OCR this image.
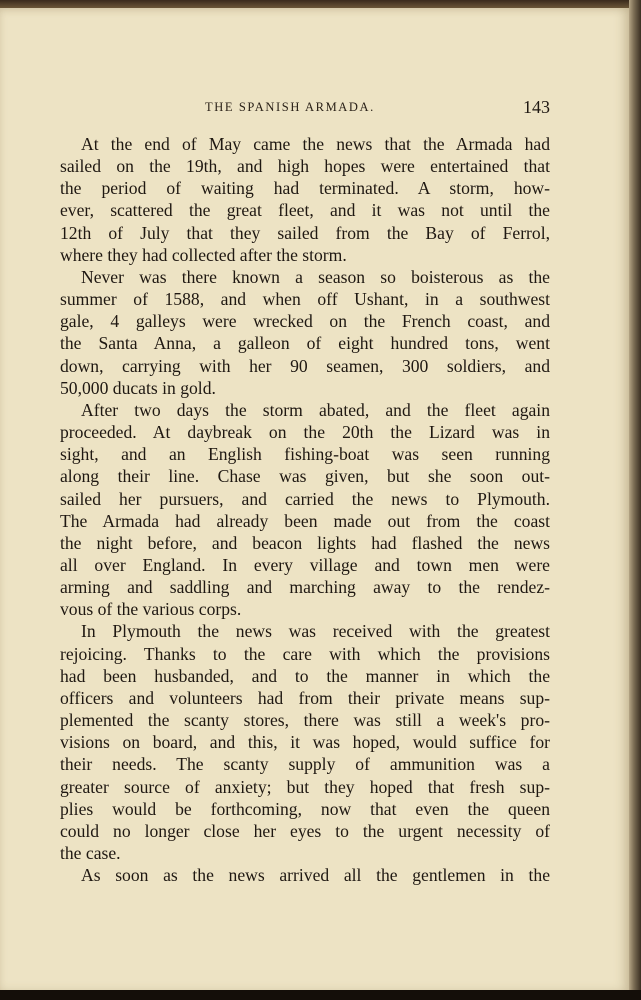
THE SPANISH ARMADA.	143

At the end of May came the news that the Armada had
sailed on the 19th, and high hopes were entertained that
the period of waiting had terminated. A storm, how-
ever, scattered the great fleet, and it was not until the
12th of July that they sailed from the Bay of Ferrol,
where they had collected after the storm.

Never was there known a season so boisterous as the
summer of 1588, and when off Ushant, in a southwest
gale, 4 galleys were wrecked on the French coast, and
the Santa Anna, a galleon of eight hundred tons, went
down, carrying with her 90 seamen, 300 soldiers, and
50,000 ducats in gold.

After two days the storm abated, and the fleet again
proceeded. At daybreak on the 20th the Lizard was in
sight, and an English fishing-boat was seen running
along their line. Chase was given, but she soon out-
sailed her pursuers, and carried the news to Plymouth.
The Armada had already been made out from the coast
the night before, and beacon lights had flashed the news
all over England. In every village and town men were
arming and saddling and marching away to the rendez-
vous of the various corps.

In Plymouth the news was received with the greatest
rejoicing. Thanks to the care with which the provisions
had been husbanded, and to the manner in which the
officers and volunteers had from their private means sup-
plemented the scanty stores, there was still a week's pro-
visions on board, and this, it was hoped, would suffice for
their needs. The scanty supply of ammunition was a
greater source of anxiety; but they hoped that fresh sup-
plies would be forthcoming, now that even the queen
could no longer close her eyes to the urgent necessity of
the case.

As soon as the news arrived all the gentlemen in the
